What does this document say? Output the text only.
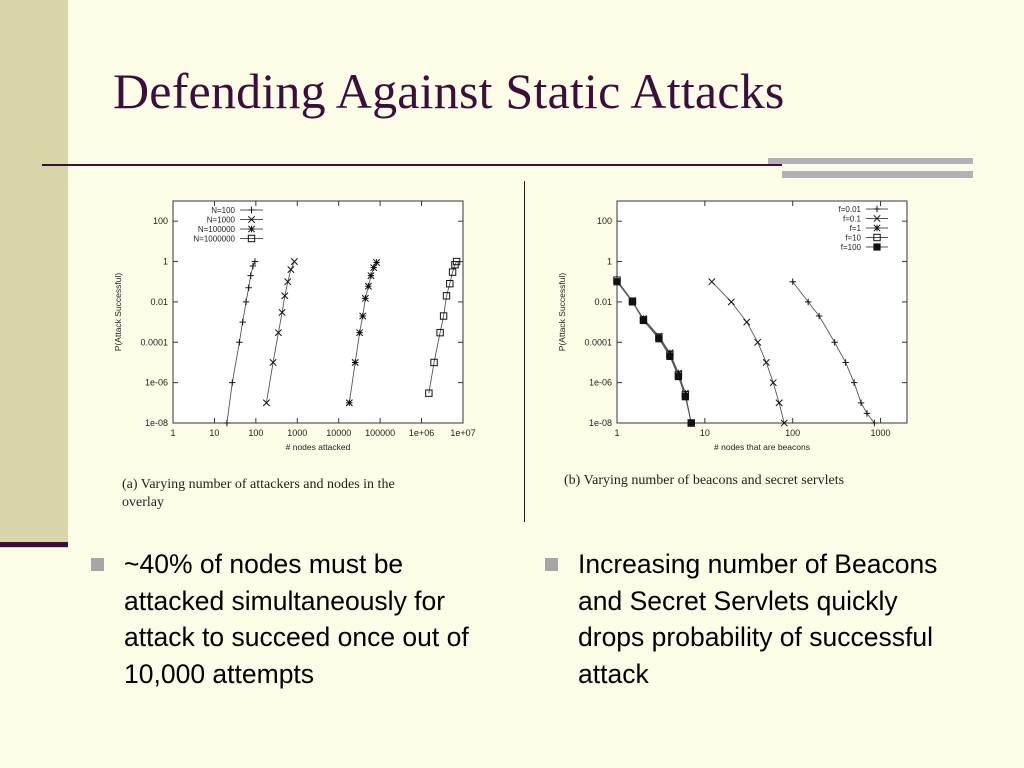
Defending Against Static Attacks
1	10	100	1000 10000 100000 1e+06 1e+07
100
1
0.01
0.0001
1e-06
1e-08
# nodes attacked
P(Attack Successful)
N=100
N=1000
N=100000
N=1000000
(a) Varying number of attackers and nodes in the
overlay
1	10	100	1000
100
1
0.01
0.0001
1e-06
1e-08
# nodes that are beacons
P(Attack Successful)
f=0.01
f=0.1
f=1
f=10
f=100
(b) Varying number of beacons and secret servlets
~40% of nodes must be attacked simultaneously for attack to succeed once out of 10,000 attempts
Increasing number of Beacons and Secret Servlets quickly drops probability of successful attack
